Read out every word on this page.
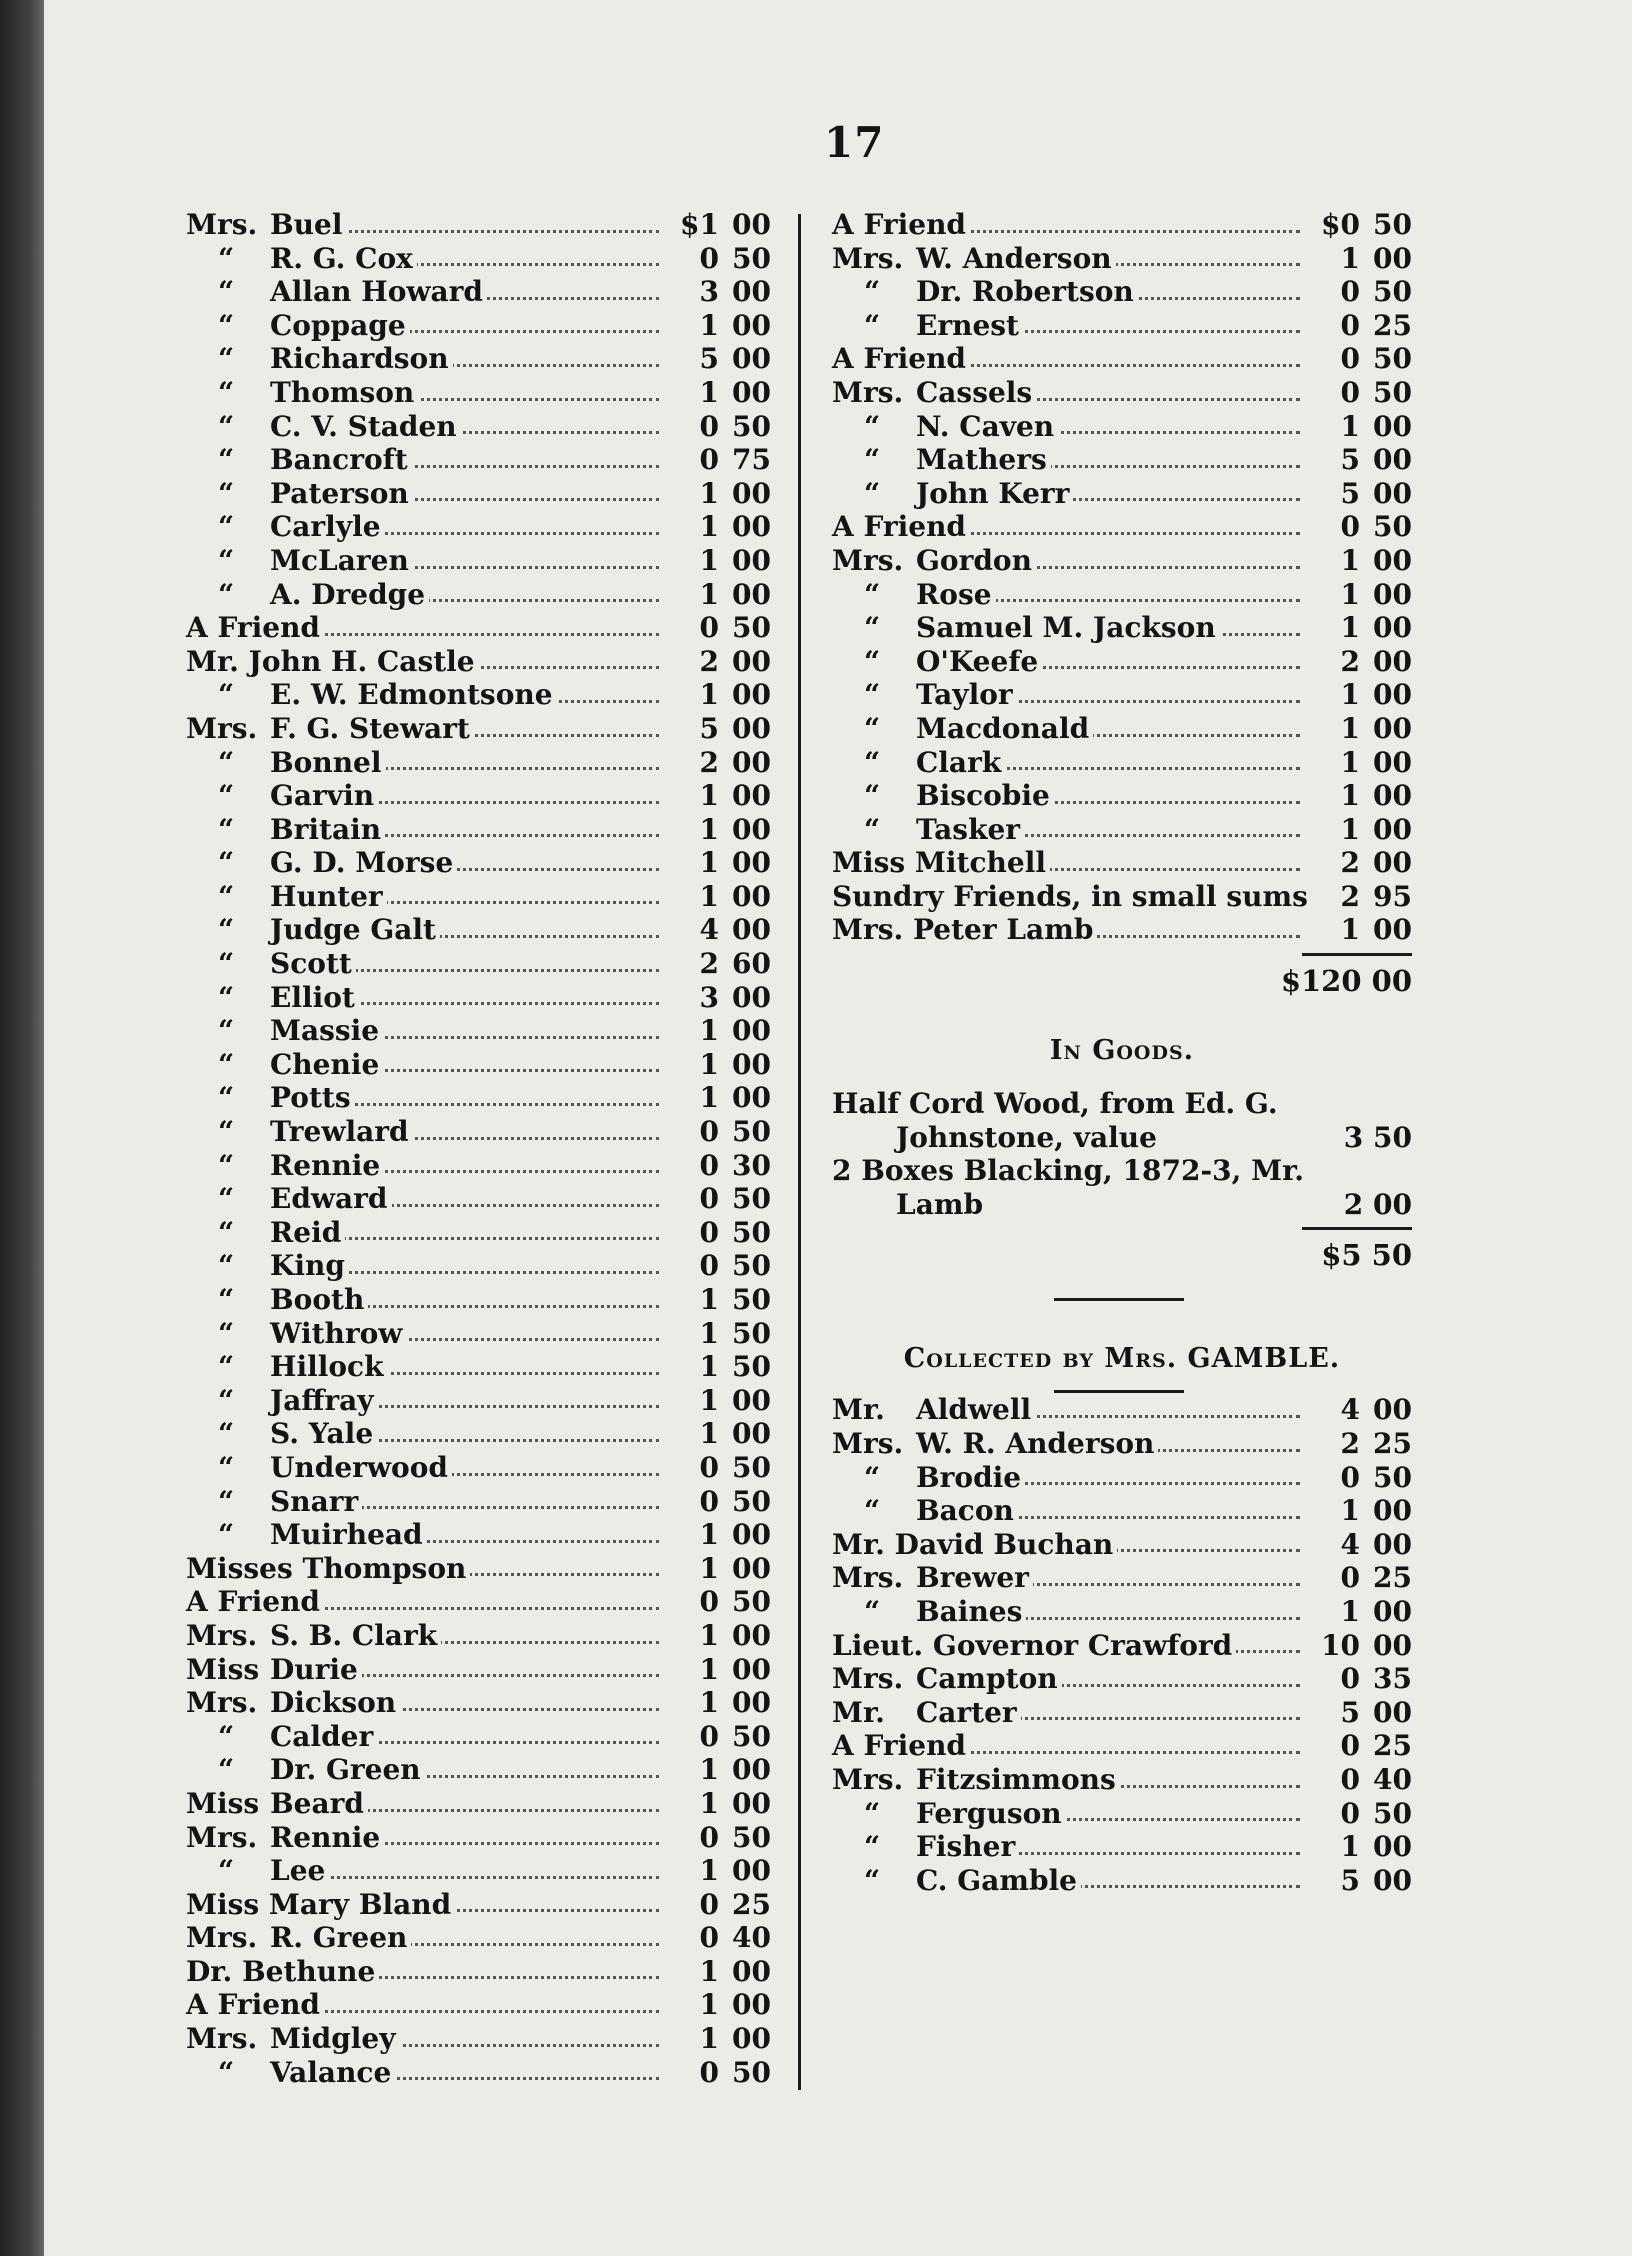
17
Mrs. Buel	$1 00
“	R. G. Cox	0 50
“	Allan Howard	3 00
“	Coppage	1 00
“	Richardson	5 00
“	Thomson	1 00
“	C. V. Staden	0 50
“	Bancroft	0 75
“	Paterson	1 00
“	Carlyle	1 00
“	McLaren	1 00
“	A. Dredge	1 00
A Friend	0 50
Mr. John H. Castle	2 00
“	E. W. Edmontsone	1 00
Mrs. F. G. Stewart	5 00
“	Bonnel	2 00
“	Garvin	1 00
“	Britain	1 00
“	G. D. Morse	1 00
“	Hunter	1 00
“	Judge Galt	4 00
“	Scott	2 60
“	Elliot	3 00
“	Massie	1 00
“	Chenie	1 00
“	Potts	1 00
“	Trewlard	0 50
“	Rennie	0 30
“	Edward	0 50
“	Reid	0 50
“	King	0 50
“	Booth	1 50
“	Withrow	1 50
“	Hillock	1 50
“	Jaffray	1 00
“	S. Yale	1 00
“	Underwood	0 50
“	Snarr	0 50
“	Muirhead	1 00
Misses Thompson	1 00
A Friend	0 50
Mrs. S. B. Clark	1 00
Miss Durie	1 00
Mrs. Dickson	1 00
“	Calder	0 50
“	Dr. Green	1 00
Miss Beard	1 00
Mrs. Rennie	0 50
“	Lee	1 00
Miss Mary Bland	0 25
Mrs. R. Green	0 40
Dr. Bethune	1 00
A Friend	1 00
Mrs. Midgley	1 00
“	Valance	0 50
A Friend	$0 50
Mrs. W. Anderson	1 00
“	Dr. Robertson	0 50
“	Ernest	0 25
A Friend	0 50
Mrs. Cassels	0 50
“	N. Caven	1 00
“	Mathers	5 00
“	John Kerr	5 00
A Friend	0 50
Mrs. Gordon	1 00
“	Rose	1 00
“	Samuel M. Jackson	1 00
“	O'Keefe	2 00
“	Taylor	1 00
“	Macdonald	1 00
“	Clark	1 00
“	Biscobie	1 00
“	Tasker	1 00
Miss Mitchell	2 00
Sundry Friends, in small sums	2 95
Mrs. Peter Lamb	1 00
$120 00
In Goods.
Half Cord Wood, from Ed. G.
Johnstone, value	3 50
2 Boxes Blacking, 1872-3, Mr.
Lamb	2 00
$5 50
Collected by Mrs. GAMBLE.
Mr.	Aldwell	4 00
Mrs. W. R. Anderson	2 25
“	Brodie	0 50
“	Bacon	1 00
Mr. David Buchan	4 00
Mrs. Brewer	0 25
“	Baines	1 00
Lieut. Governor Crawford	10 00
Mrs. Campton	0 35
Mr.	Carter	5 00
A Friend	0 25
Mrs. Fitzsimmons	0 40
“	Ferguson	0 50
“	Fisher	1 00
“	C. Gamble	5 00
